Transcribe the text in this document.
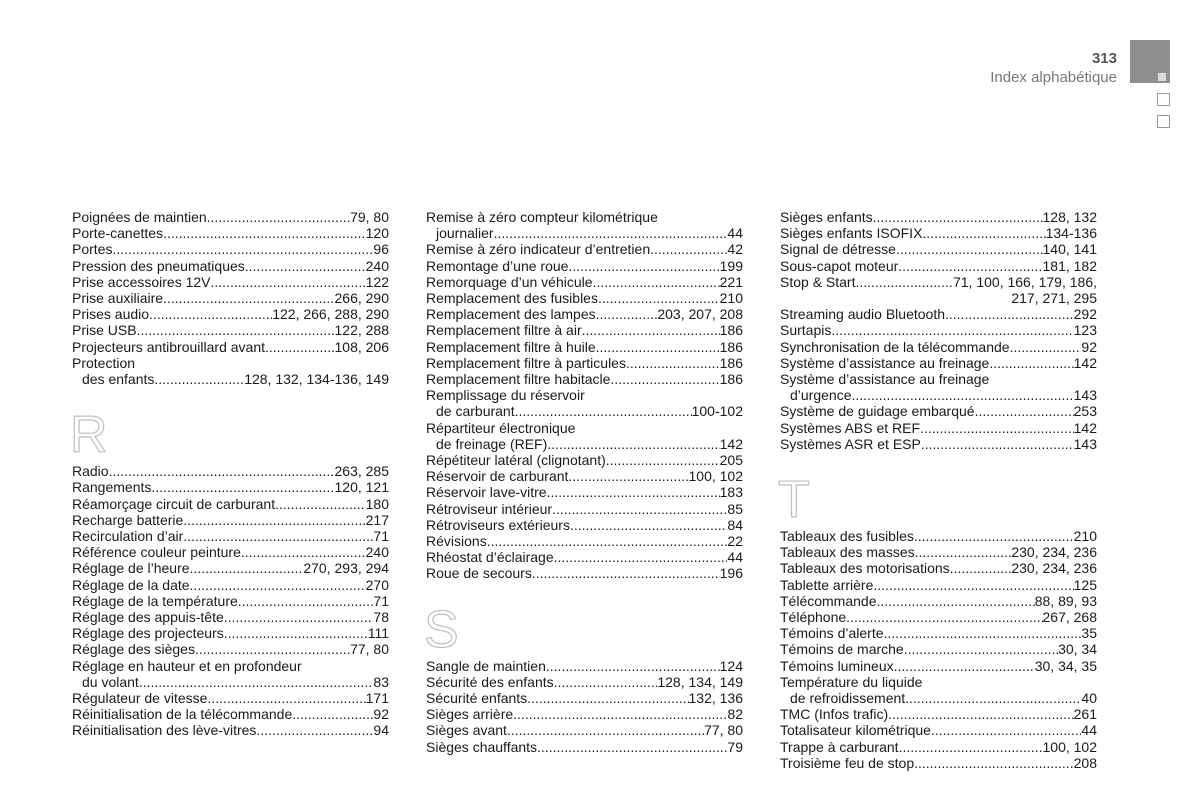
313
Index alphabétique
Poignées de maintien .....	79, 80
Porte-canettes .....	120
Portes .....	96
Pression des pneumatiques .....	240
Prise accessoires 12V .....	122
Prise auxiliaire .....	266, 290
Prises audio .....	122, 266, 288, 290
Prise USB .....	122, 288
Projecteurs antibrouillard avant .....	108, 206
Protection
des enfants .....	128, 132, 134-136, 149
R
Radio .....	263, 285
Rangements .....	120, 121
Réamorçage circuit de carburant .....	180
Recharge batterie .....	217
Recirculation d’air .....	71
Référence couleur peinture .....	240
Réglage de l’heure .....	270, 293, 294
Réglage de la date .....	270
Réglage de la température .....	71
Réglage des appuis-tête .....	78
Réglage des projecteurs .....	111
Réglage des sièges .....	77, 80
Réglage en hauteur et en profondeur
du volant .....	83
Régulateur de vitesse .....	171
Réinitialisation de la télécommande .....	92
Réinitialisation des lève-vitres .....	94
Remise à zéro compteur kilométrique
journalier .....	44
Remise à zéro indicateur d’entretien .....	42
Remontage d’une roue .....	199
Remorquage d’un véhicule .....	221
Remplacement des fusibles .....	210
Remplacement des lampes .....	203, 207, 208
Remplacement filtre à air .....	186
Remplacement filtre à huile .....	186
Remplacement filtre à particules .....	186
Remplacement filtre habitacle .....	186
Remplissage du réservoir
de carburant .....	100-102
Répartiteur électronique
de freinage (REF) .....	142
Répétiteur latéral (clignotant) .....	205
Réservoir de carburant .....	100, 102
Réservoir lave-vitre .....	183
Rétroviseur intérieur .....	85
Rétroviseurs extérieurs .....	84
Révisions .....	22
Rhéostat d’éclairage .....	44
Roue de secours .....	196
S
Sangle de maintien .....	124
Sécurité des enfants .....	128, 134, 149
Sécurité enfants .....	132, 136
Sièges arrière .....	82
Sièges avant .....	77, 80
Sièges chauffants .....	79
Sièges enfants .....	128, 132
Sièges enfants ISOFIX .....	134-136
Signal de détresse .....	140, 141
Sous-capot moteur .....	181, 182
Stop & Start .....	71, 100, 166, 179, 186,
217, 271, 295
Streaming audio Bluetooth .....	292
Surtapis .....	123
Synchronisation de la télécommande .....	92
Système d’assistance au freinage .....	142
Système d’assistance au freinage
d’urgence .....	143
Système de guidage embarqué .....	253
Systèmes ABS et REF .....	142
Systèmes ASR et ESP .....	143
T
Tableaux des fusibles .....	210
Tableaux des masses .....	230, 234, 236
Tableaux des motorisations .....	230, 234, 236
Tablette arrière .....	125
Télécommande .....	88, 89, 93
Téléphone .....	267, 268
Témoins d’alerte .....	35
Témoins de marche .....	30, 34
Témoins lumineux .....	30, 34, 35
Température du liquide
de refroidissement .....	40
TMC (Infos trafic) .....	261
Totalisateur kilométrique .....	44
Trappe à carburant .....	100, 102
Troisième feu de stop .....	208
